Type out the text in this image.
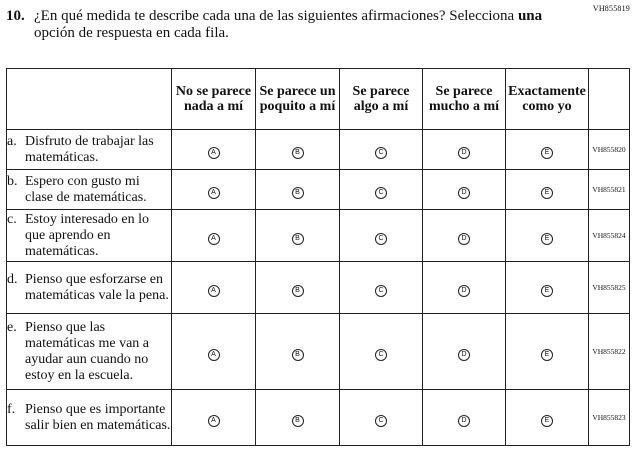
VH855819
10. ¿En qué medida te describe cada una de las siguientes afirmaciones? Selecciona una
opción de respuesta en cada fila.
	No se parece nada a mí	Se parece un poquito a mí	Se parece algo a mí	Se parece mucho a mí	Exactamente como yo	

a. Disfruto de trabajar las matemáticas.	A	B	C	D	E	VH855820

b. Espero con gusto mi clase de matemáticas.	A	B	C	D	E	VH855821

c. Estoy interesado en lo que aprendo en matemáticas.	A	B	C	D	E	VH855824

d. Pienso que esforzarse en matemáticas vale la pena.	A	B	C	D	E	VH855825

e. Pienso que las matemáticas me van a ayudar aun cuando no estoy en la escuela.	A	B	C	D	E	VH855822

f. Pienso que es importante salir bien en matemáticas.	A	B	C	D	E	VH855823
